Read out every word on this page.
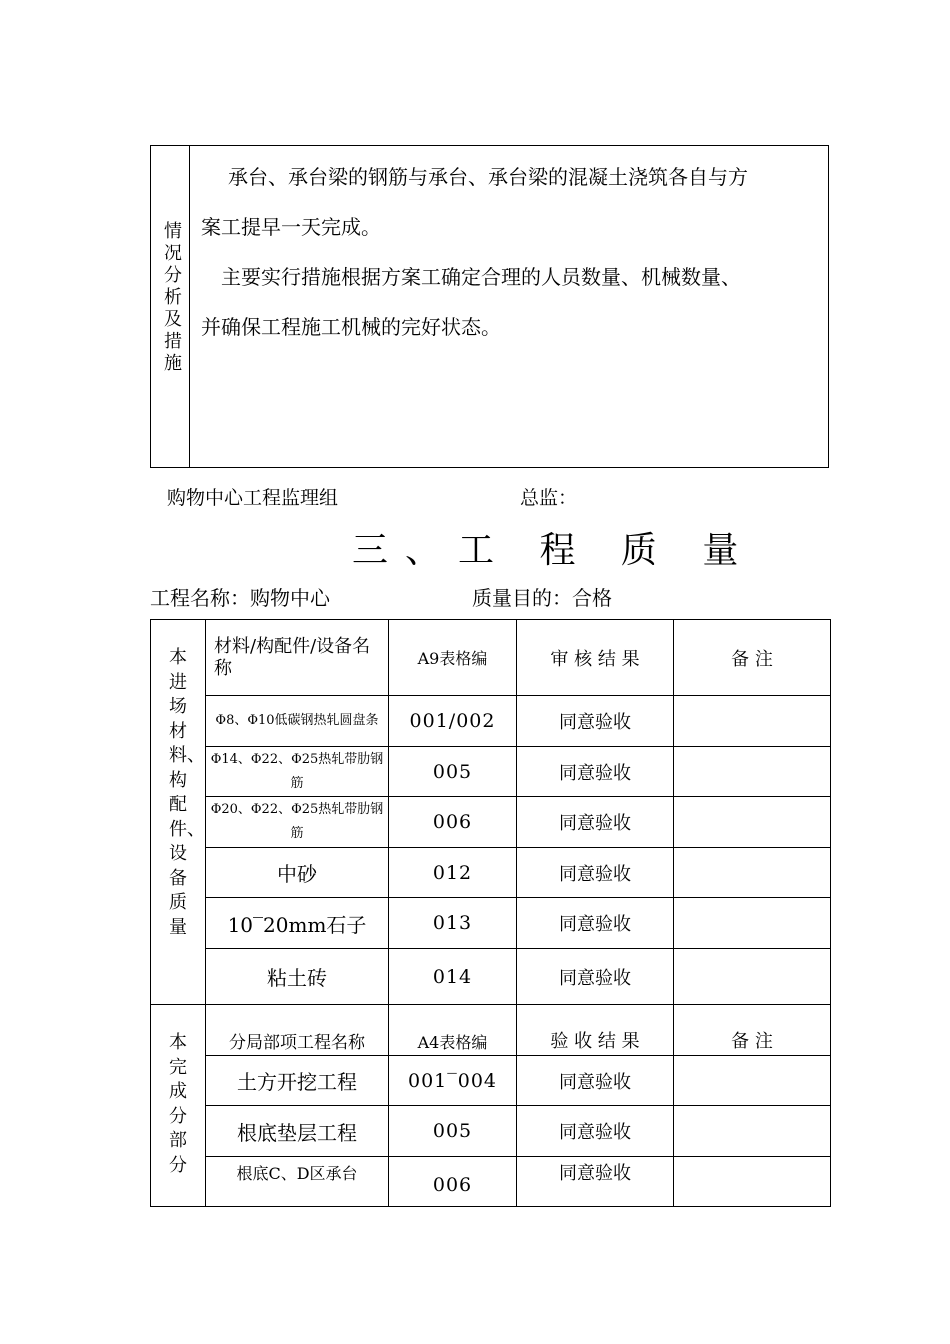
情况分析及措施
承台、承台梁的钢筋与承台、承台梁的混凝土浇筑各自与方
案工提早一天完成。
主要实行措施根据方案工确定合理的人员数量、机械数量、
并确保工程施工机械的完好状态。
购物中心工程监理组	总监：
三、工 程 质 量
工程名称：购物中心	质量目的：合格
本进场材料、构配件、设备质量	材料/构配件/设备名称	A9表格编	审 核 结 果	备 注
	Φ8、Φ10低碳钢热轧圆盘条	001/002	同意验收	
	Φ14、Φ22、Φ25热轧带肋钢筋	005	同意验收	
	Φ20、Φ22、Φ25热轧带肋钢筋	006	同意验收	
	中砂	012	同意验收	
	10‾20mm石子	013	同意验收	
	粘土砖	014	同意验收	
本完成分部分	分局部项工程名称	A4表格编	验 收 结 果	备 注
	土方开挖工程	001‾004	同意验收	
	根底垫层工程	005	同意验收	
	根底C、D区承台	006	同意验收	
